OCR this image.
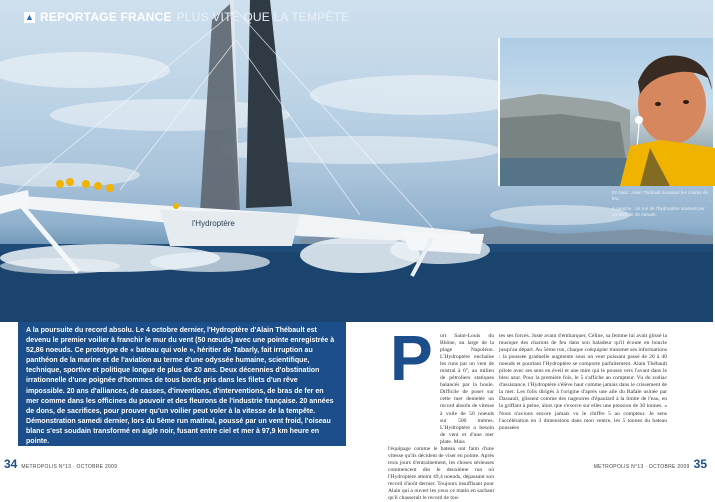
l'Hydroptère
▲ REPORTAGE FRANCE PLUS VITE QUE LA TEMPÊTE

En haut : Alain Thébault écoutant les chants de feu.

À gauche : un run de l'hydroptère soulevé par un vent de 25 nœuds.

A la poursuite du record absolu. Le 4 octobre dernier, l'Hydroptère d'Alain Thébault est devenu le premier voilier à franchir le mur du vent (50 nœuds) avec une pointe enregistrée à 52,86 noeuds. Ce prototype de « bateau qui vole », héritier de Tabarly, fait irruption au panthéon de la marine et de l'aviation au terme d'une odyssée humaine, scientifique, technique, sportive et politique longue de plus de 20 ans. Deux décennies d'obstination irrationnelle d'une poignée d'hommes de tous bords pris dans les filets d'un rêve impossible. 20 ans d'alliances, de casses, d'inventions, d'interventions, de bras de fer en mer comme dans les officines du pouvoir et des fleurons de l'industrie française. 20 années de dons, de sacrifices, pour prouver qu'un voilier peut voler à la vitesse de la tempête. Démonstration samedi dernier, lors du 5ème run matinal, poussé par un vent froid, l'oiseau blanc s'est soudain transformé en aigle noir, fusant entre ciel et mer à 97,9 km heure en pointe.

P	ort Saint-Louis du Rhône, au large de la plage Napoléon. L'Hydroptère enchaîne les runs par un vent de mistral à 6°, au milieu de pétroliers statiques balancés par la houle. Difficile de poser sur cette mer dentelée un record absolu de vitesse à voile de 50 noeuds sur 500 mètres. L'Hydroptère a besoin de vent et d'une mer plate. Mais
l'équipage comme le bateau ont faim d'une vitesse qu'ils décident de viser en pointe. Après trois jours d'entraînement, les choses sérieuses commencent dès le deuxième run où l'Hydroptère atteint 49,4 noeuds, dépassant son record d'août dernier. Toujours insuffisant pour Alain qui a ouvert les yeux ce matin en sachant qu'il chasserait le record de tou-
tes ses forces. Juste avant d'embarquer, Céline, sa femme lui avait glissé la musique des chariots de feu dans son baladeur qu'il écoute en boucle jusqu'au départ. Au 5ème run, chaque coéquipier transmet ses informations : la poussée graduelle augmente sous un vent puissant passé de 20 à 40 noeuds et pourtant l'Hydroptère se comporte parfaitement. Alain Thébault pilote avec ses sens en éveil et une mire qui le pousse vers l'avant dans le bleu azur. Pour la première fois, le 5 s'affiche au compteur. Vu du zodiac d'assistance, l'Hydroptère s'élève haut comme jamais dans le crissement de la mer. Les foils dirigés à l'origine d'après une aile du Rafale usinée par Dassault, glissent comme des nageoires d'épaulard à la limite de l'eau, en la griffant à peine, alors que s'exerce sur elles une pression de 30 tonnes. « Nous n'avions encore jamais vu le chiffre 5 au compteur. Je sens l'accélération en 3 dimensions dans mon ventre, les 5 tonnes du bateau poussées
34 METROPOLIS N°13 · OCTOBRE 2009	METROPOLIS N°13 · OCTOBRE 2009 35
